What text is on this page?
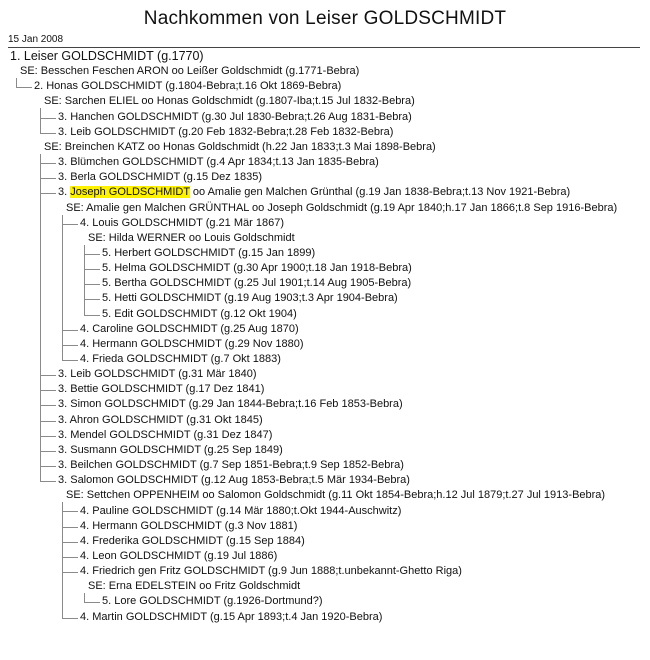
Nachkommen von Leiser GOLDSCHMIDT
15 Jan 2008
1. Leiser GOLDSCHMIDT (g.1770)
SE: Besschen Feschen ARON oo Leißer Goldschmidt (g.1771-Bebra)
2. Honas GOLDSCHMIDT (g.1804-Bebra;t.16 Okt 1869-Bebra)
SE: Sarchen ELIEL oo Honas Goldschmidt (g.1807-Iba;t.15 Jul 1832-Bebra)
3. Hanchen GOLDSCHMIDT (g.30 Jul 1830-Bebra;t.26 Aug 1831-Bebra)
3. Leib GOLDSCHMIDT (g.20 Feb 1832-Bebra;t.28 Feb 1832-Bebra)
SE: Breinchen KATZ oo Honas Goldschmidt (h.22 Jan 1833;t.3 Mai 1898-Bebra)
3. Blümchen GOLDSCHMIDT (g.4 Apr 1834;t.13 Jan 1835-Bebra)
3. Berla GOLDSCHMIDT (g.15 Dez 1835)
3. Joseph GOLDSCHMIDT oo Amalie gen Malchen Grünthal (g.19 Jan 1838-Bebra;t.13 Nov 1921-Bebra)
SE: Amalie gen Malchen GRÜNTHAL oo Joseph Goldschmidt (g.19 Apr 1840;h.17 Jan 1866;t.8 Sep 1916-Bebra)
4. Louis GOLDSCHMIDT (g.21 Mär 1867)
SE: Hilda WERNER oo Louis Goldschmidt
5. Herbert GOLDSCHMIDT (g.15 Jan 1899)
5. Helma GOLDSCHMIDT (g.30 Apr 1900;t.18 Jan 1918-Bebra)
5. Bertha GOLDSCHMIDT (g.25 Jul 1901;t.14 Aug 1905-Bebra)
5. Hetti GOLDSCHMIDT (g.19 Aug 1903;t.3 Apr 1904-Bebra)
5. Edit GOLDSCHMIDT (g.12 Okt 1904)
4. Caroline GOLDSCHMIDT (g.25 Aug 1870)
4. Hermann GOLDSCHMIDT (g.29 Nov 1880)
4. Frieda GOLDSCHMIDT (g.7 Okt 1883)
3. Leib GOLDSCHMIDT (g.31 Mär 1840)
3. Bettie GOLDSCHMIDT (g.17 Dez 1841)
3. Simon GOLDSCHMIDT (g.29 Jan 1844-Bebra;t.16 Feb 1853-Bebra)
3. Ahron GOLDSCHMIDT (g.31 Okt 1845)
3. Mendel GOLDSCHMIDT (g.31 Dez 1847)
3. Susmann GOLDSCHMIDT (g.25 Sep 1849)
3. Beilchen GOLDSCHMIDT (g.7 Sep 1851-Bebra;t.9 Sep 1852-Bebra)
3. Salomon GOLDSCHMIDT (g.12 Aug 1853-Bebra;t.5 Mär 1934-Bebra)
SE: Settchen OPPENHEIM oo Salomon Goldschmidt (g.11 Okt 1854-Bebra;h.12 Jul 1879;t.27 Jul 1913-Bebra)
4. Pauline GOLDSCHMIDT (g.14 Mär 1880;t.Okt 1944-Auschwitz)
4. Hermann GOLDSCHMIDT (g.3 Nov 1881)
4. Frederika GOLDSCHMIDT (g.15 Sep 1884)
4. Leon GOLDSCHMIDT (g.19 Jul 1886)
4. Friedrich gen Fritz GOLDSCHMIDT (g.9 Jun 1888;t.unbekannt-Ghetto Riga)
SE: Erna EDELSTEIN oo Fritz Goldschmidt
5. Lore GOLDSCHMIDT (g.1926-Dortmund?)
4. Martin GOLDSCHMIDT (g.15 Apr 1893;t.4 Jan 1920-Bebra)
